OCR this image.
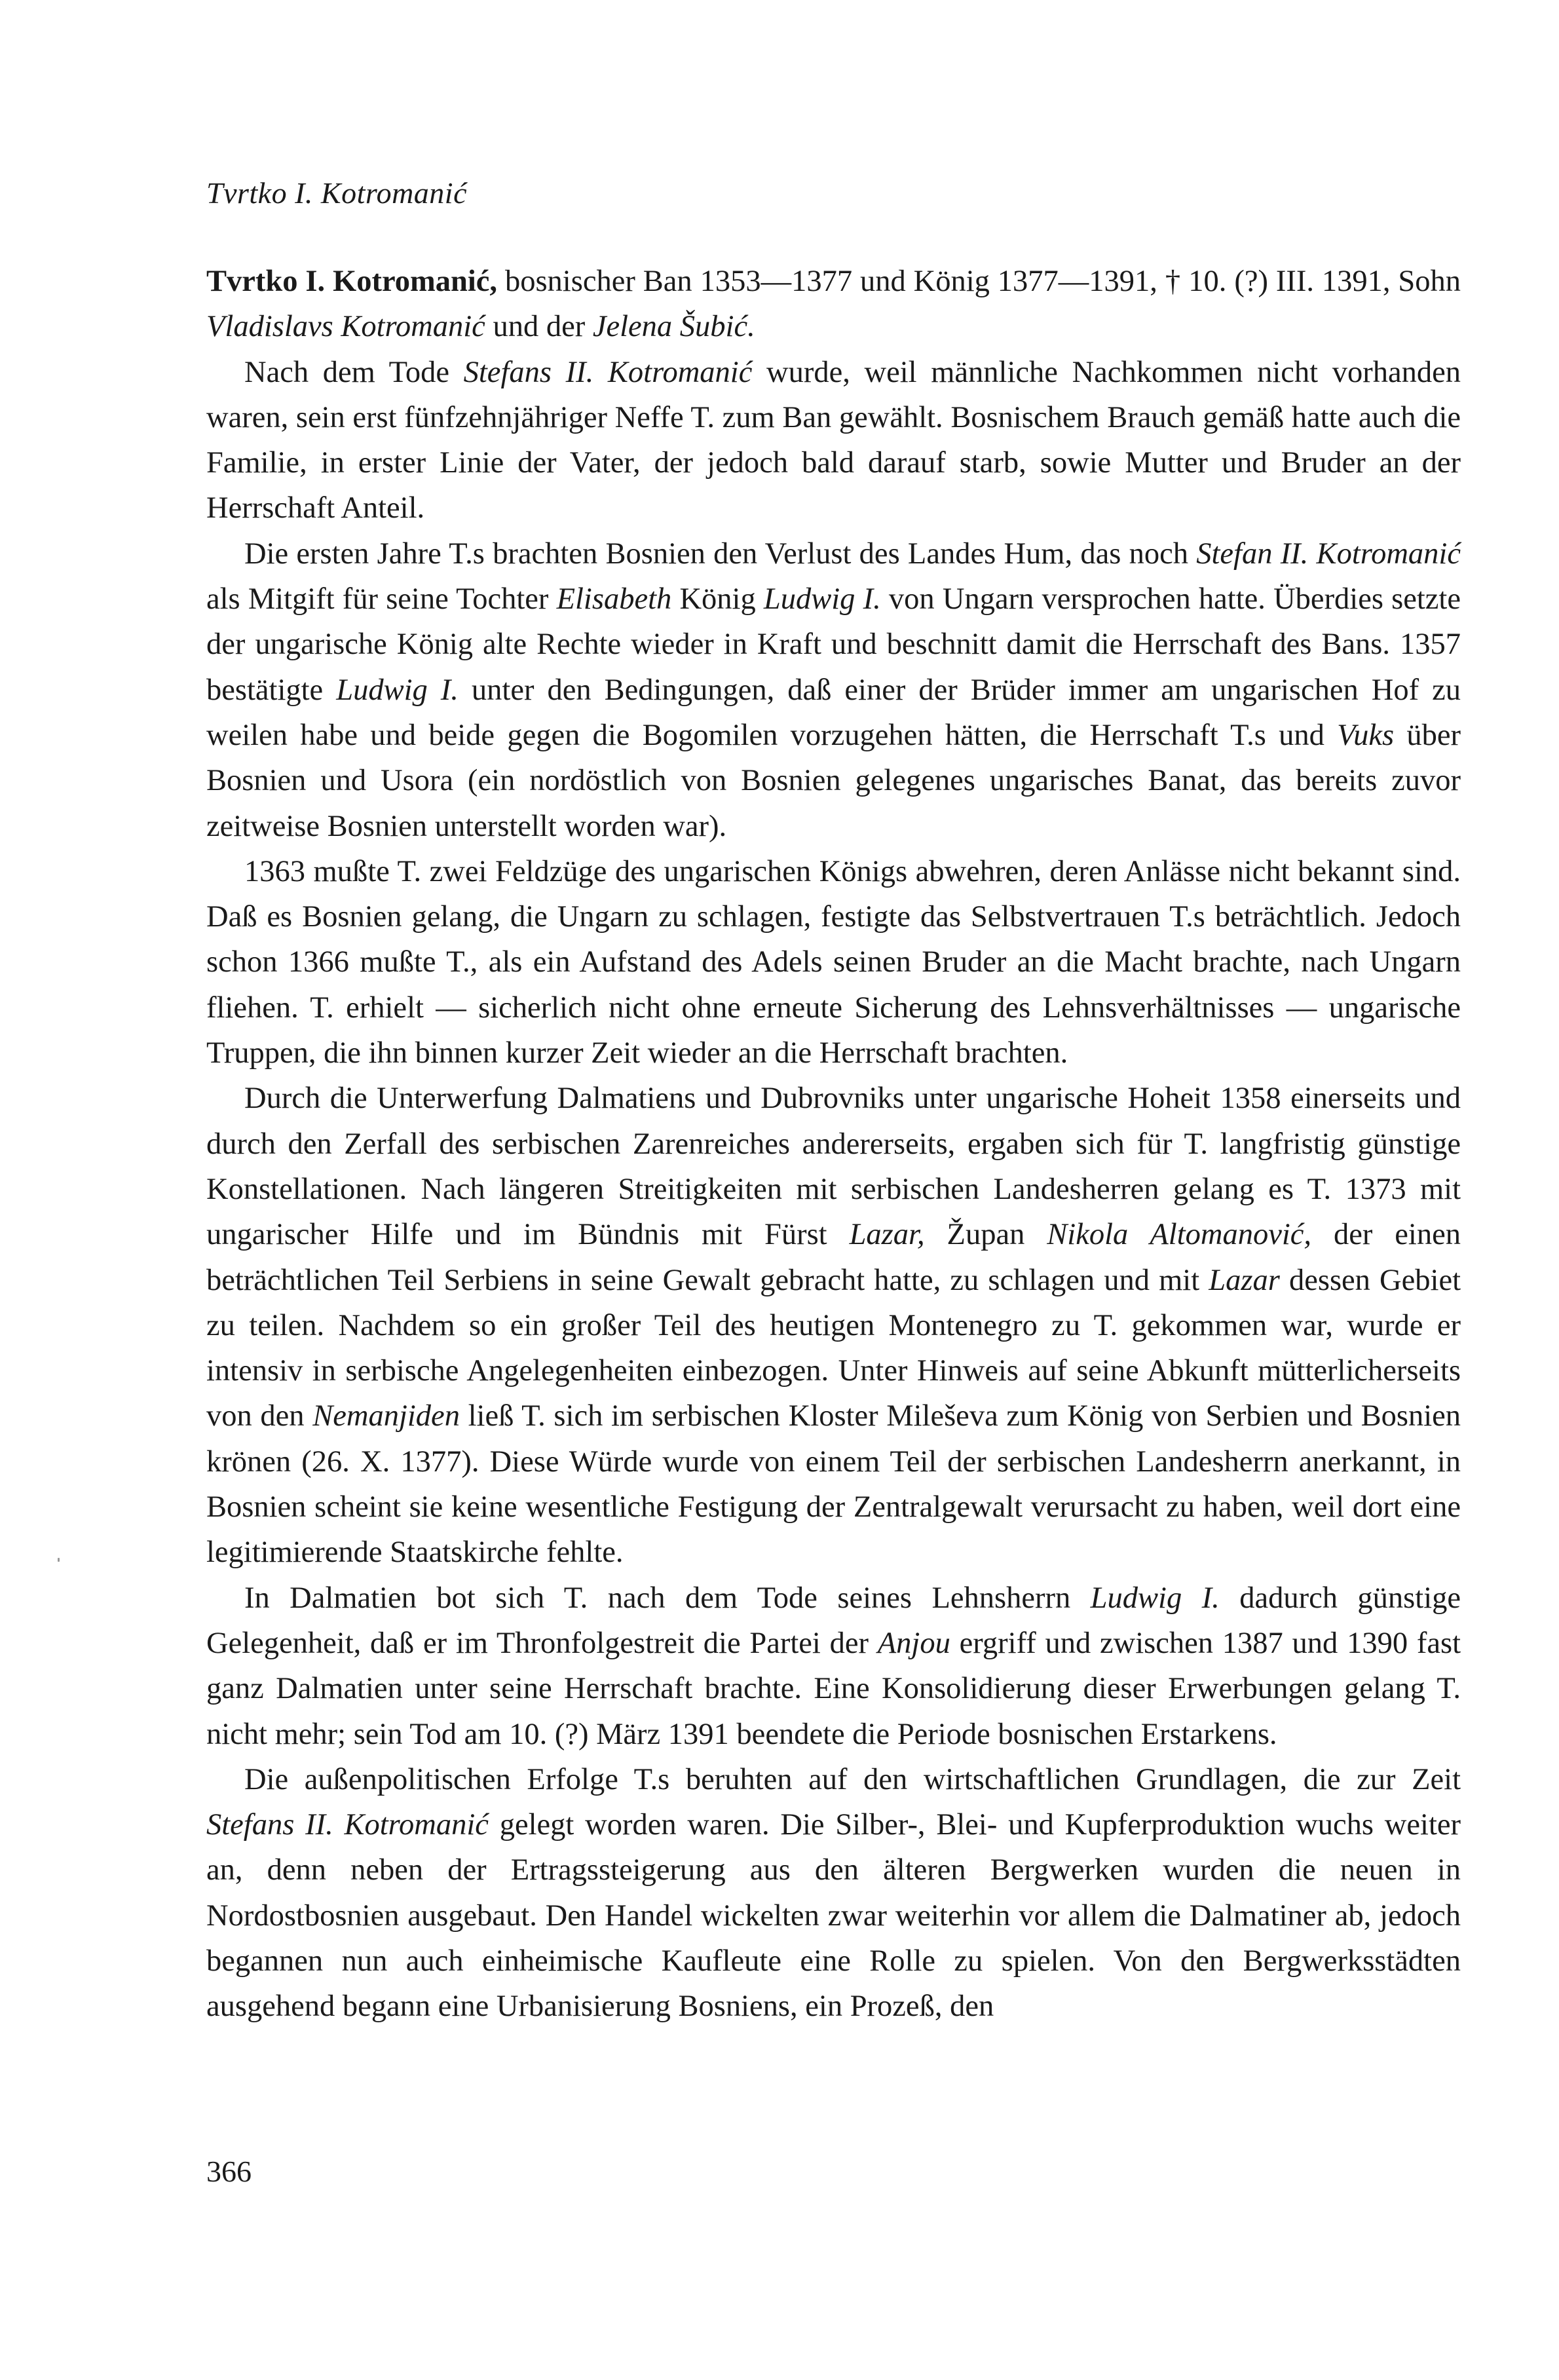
Tvrtko I. Kotromanić

Tvrtko I. Kotromanić, bosnischer Ban 1353—1377 und König 1377—1391, † 10. (?) III. 1391, Sohn Vladislavs Kotromanić und der Jelena Šubić.

Nach dem Tode Stefans II. Kotromanić wurde, weil männliche Nachkommen nicht vorhanden waren, sein erst fünfzehnjähriger Neffe T. zum Ban gewählt. Bosnischem Brauch gemäß hatte auch die Familie, in erster Linie der Vater, der jedoch bald darauf starb, sowie Mutter und Bruder an der Herrschaft Anteil.

Die ersten Jahre T.s brachten Bosnien den Verlust des Landes Hum, das noch Stefan II. Kotromanić als Mitgift für seine Tochter Elisabeth König Ludwig I. von Ungarn versprochen hatte. Überdies setzte der ungarische König alte Rechte wieder in Kraft und beschnitt damit die Herrschaft des Bans. 1357 bestätigte Ludwig I. unter den Bedingungen, daß einer der Brüder immer am ungarischen Hof zu weilen habe und beide gegen die Bogomilen vorzugehen hätten, die Herrschaft T.s und Vuks über Bosnien und Usora (ein nordöstlich von Bosnien gelegenes ungarisches Banat, das bereits zuvor zeitweise Bosnien unterstellt worden war).

1363 mußte T. zwei Feldzüge des ungarischen Königs abwehren, deren Anlässe nicht bekannt sind. Daß es Bosnien gelang, die Ungarn zu schlagen, festigte das Selbstvertrauen T.s beträchtlich. Jedoch schon 1366 mußte T., als ein Aufstand des Adels seinen Bruder an die Macht brachte, nach Ungarn fliehen. T. erhielt — sicherlich nicht ohne erneute Sicherung des Lehnsverhältnisses — ungarische Truppen, die ihn binnen kurzer Zeit wieder an die Herrschaft brachten.

Durch die Unterwerfung Dalmatiens und Dubrovniks unter ungarische Hoheit 1358 einerseits und durch den Zerfall des serbischen Zarenreiches andererseits, ergaben sich für T. langfristig günstige Konstellationen. Nach längeren Streitigkeiten mit serbischen Landesherren gelang es T. 1373 mit ungarischer Hilfe und im Bündnis mit Fürst Lazar, Župan Nikola Altomanović, der einen beträchtlichen Teil Serbiens in seine Gewalt gebracht hatte, zu schlagen und mit Lazar dessen Gebiet zu teilen. Nachdem so ein großer Teil des heutigen Montenegro zu T. gekommen war, wurde er intensiv in serbische Angelegenheiten einbezogen. Unter Hinweis auf seine Abkunft mütterlicherseits von den Nemanjiden ließ T. sich im serbischen Kloster Mileševa zum König von Serbien und Bosnien krönen (26. X. 1377). Diese Würde wurde von einem Teil der serbischen Landesherrn anerkannt, in Bosnien scheint sie keine wesentliche Festigung der Zentralgewalt verursacht zu haben, weil dort eine legitimierende Staatskirche fehlte.

In Dalmatien bot sich T. nach dem Tode seines Lehnsherrn Ludwig I. dadurch günstige Gelegenheit, daß er im Thronfolgestreit die Partei der Anjou ergriff und zwischen 1387 und 1390 fast ganz Dalmatien unter seine Herrschaft brachte. Eine Konsolidierung dieser Erwerbungen gelang T. nicht mehr; sein Tod am 10. (?) März 1391 beendete die Periode bosnischen Erstarkens.

Die außenpolitischen Erfolge T.s beruhten auf den wirtschaftlichen Grundlagen, die zur Zeit Stefans II. Kotromanić gelegt worden waren. Die Silber-, Blei- und Kupferproduktion wuchs weiter an, denn neben der Ertragssteigerung aus den älteren Bergwerken wurden die neuen in Nordostbosnien ausgebaut. Den Handel wickelten zwar weiterhin vor allem die Dalmatiner ab, jedoch begannen nun auch einheimische Kaufleute eine Rolle zu spielen. Von den Bergwerksstädten ausgehend begann eine Urbanisierung Bosniens, ein Prozeß, den

366
